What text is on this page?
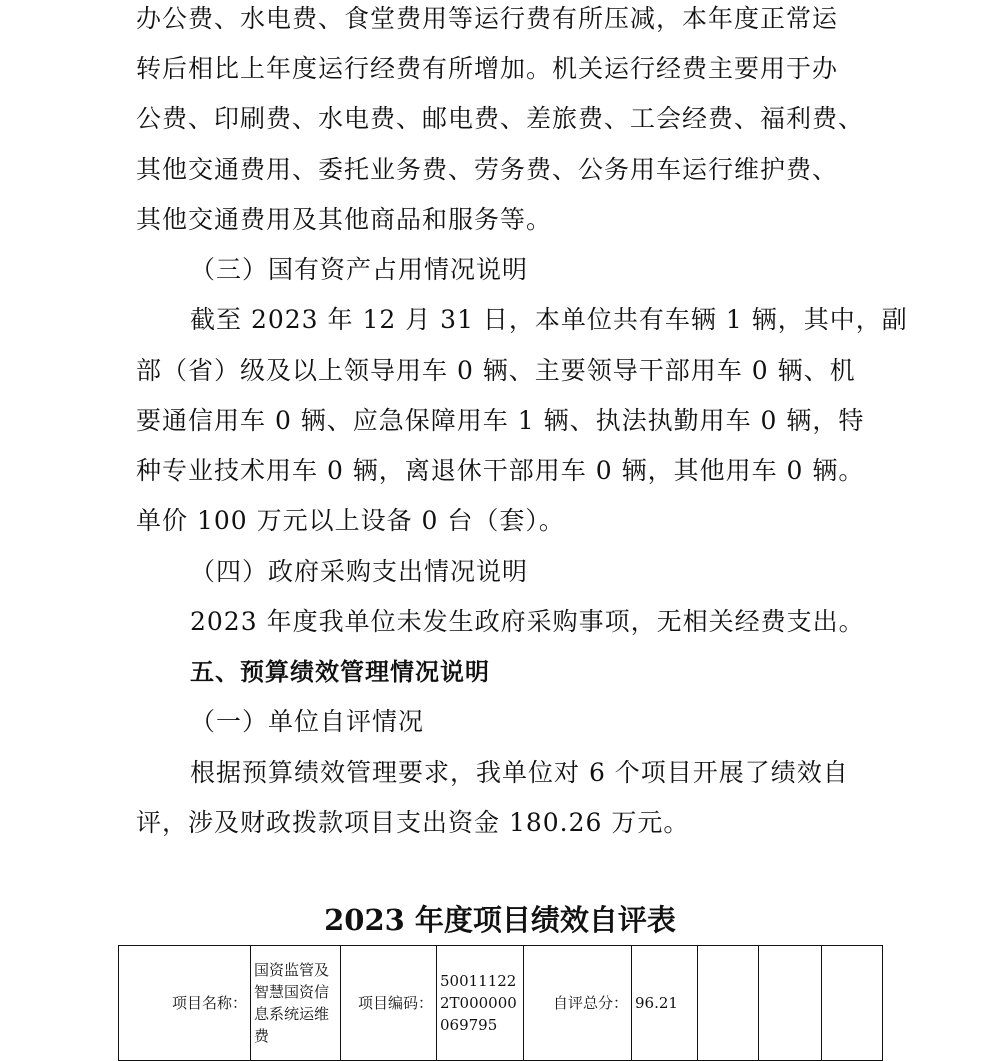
办公费、水电费、食堂费用等运行费有所压减，本年度正常运
转后相比上年度运行经费有所增加。机关运行经费主要用于办
公费、印刷费、水电费、邮电费、差旅费、工会经费、福利费、
其他交通费用、委托业务费、劳务费、公务用车运行维护费、
其他交通费用及其他商品和服务等。
（三）国有资产占用情况说明
截至 2023 年 12 月 31 日，本单位共有车辆 1 辆，其中，副
部（省）级及以上领导用车 0 辆、主要领导干部用车 0 辆、机
要通信用车 0 辆、应急保障用车 1 辆、执法执勤用车 0 辆，特
种专业技术用车 0 辆，离退休干部用车 0 辆，其他用车 0 辆。
单价 100 万元以上设备 0 台（套）。
（四）政府采购支出情况说明
2023 年度我单位未发生政府采购事项，无相关经费支出。
五、预算绩效管理情况说明
（一）单位自评情况
根据预算绩效管理要求，我单位对 6 个项目开展了绩效自
评，涉及财政拨款项目支出资金 180.26 万元。
2023 年度项目绩效自评表
项目名称：	国资监管及智慧国资信息系统运维费	项目编码：	500111222T000000069795	自评总分：	96.21			
